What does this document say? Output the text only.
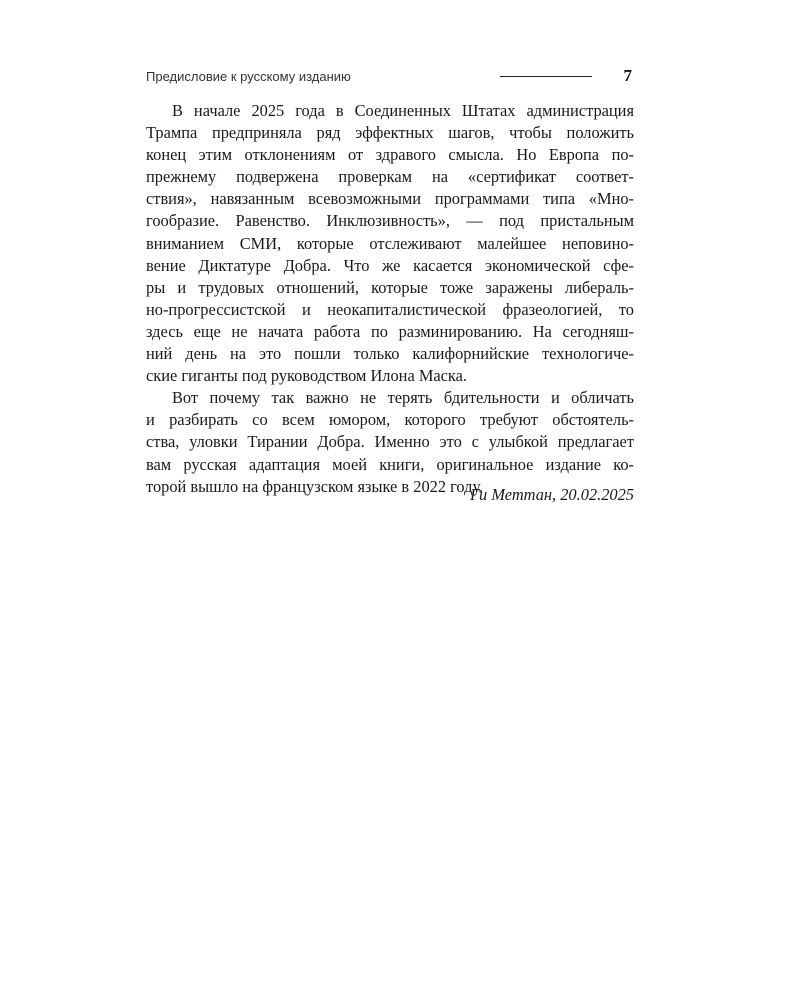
Предисловие к русскому изданию	7

В начале 2025 года в Соединенных Штатах администрация
Трампа предприняла ряд эффектных шагов, чтобы положить
конец этим отклонениям от здравого смысла. Но Европа по-
прежнему подвержена проверкам на «сертификат соответ-
ствия», навязанным всевозможными программами типа «Мно-
гообразие. Равенство. Инклюзивность», — под пристальным
вниманием СМИ, которые отслеживают малейшее неповино-
вение Диктатуре Добра. Что же касается экономической сфе-
ры и трудовых отношений, которые тоже заражены либераль-
но-прогрессистской и неокапиталистической фразеологией, то
здесь еще не начата работа по разминированию. На сегодняш-
ний день на это пошли только калифорнийские технологиче-
ские гиганты под руководством Илона Маска.

Вот почему так важно не терять бдительности и обличать
и разбирать со всем юмором, которого требуют обстоятель-
ства, уловки Тирании Добра. Именно это с улыбкой предлагает
вам русская адаптация моей книги, оригинальное издание ко-
торой вышло на французском языке в 2022 году.

Ги Меттан, 20.02.2025
